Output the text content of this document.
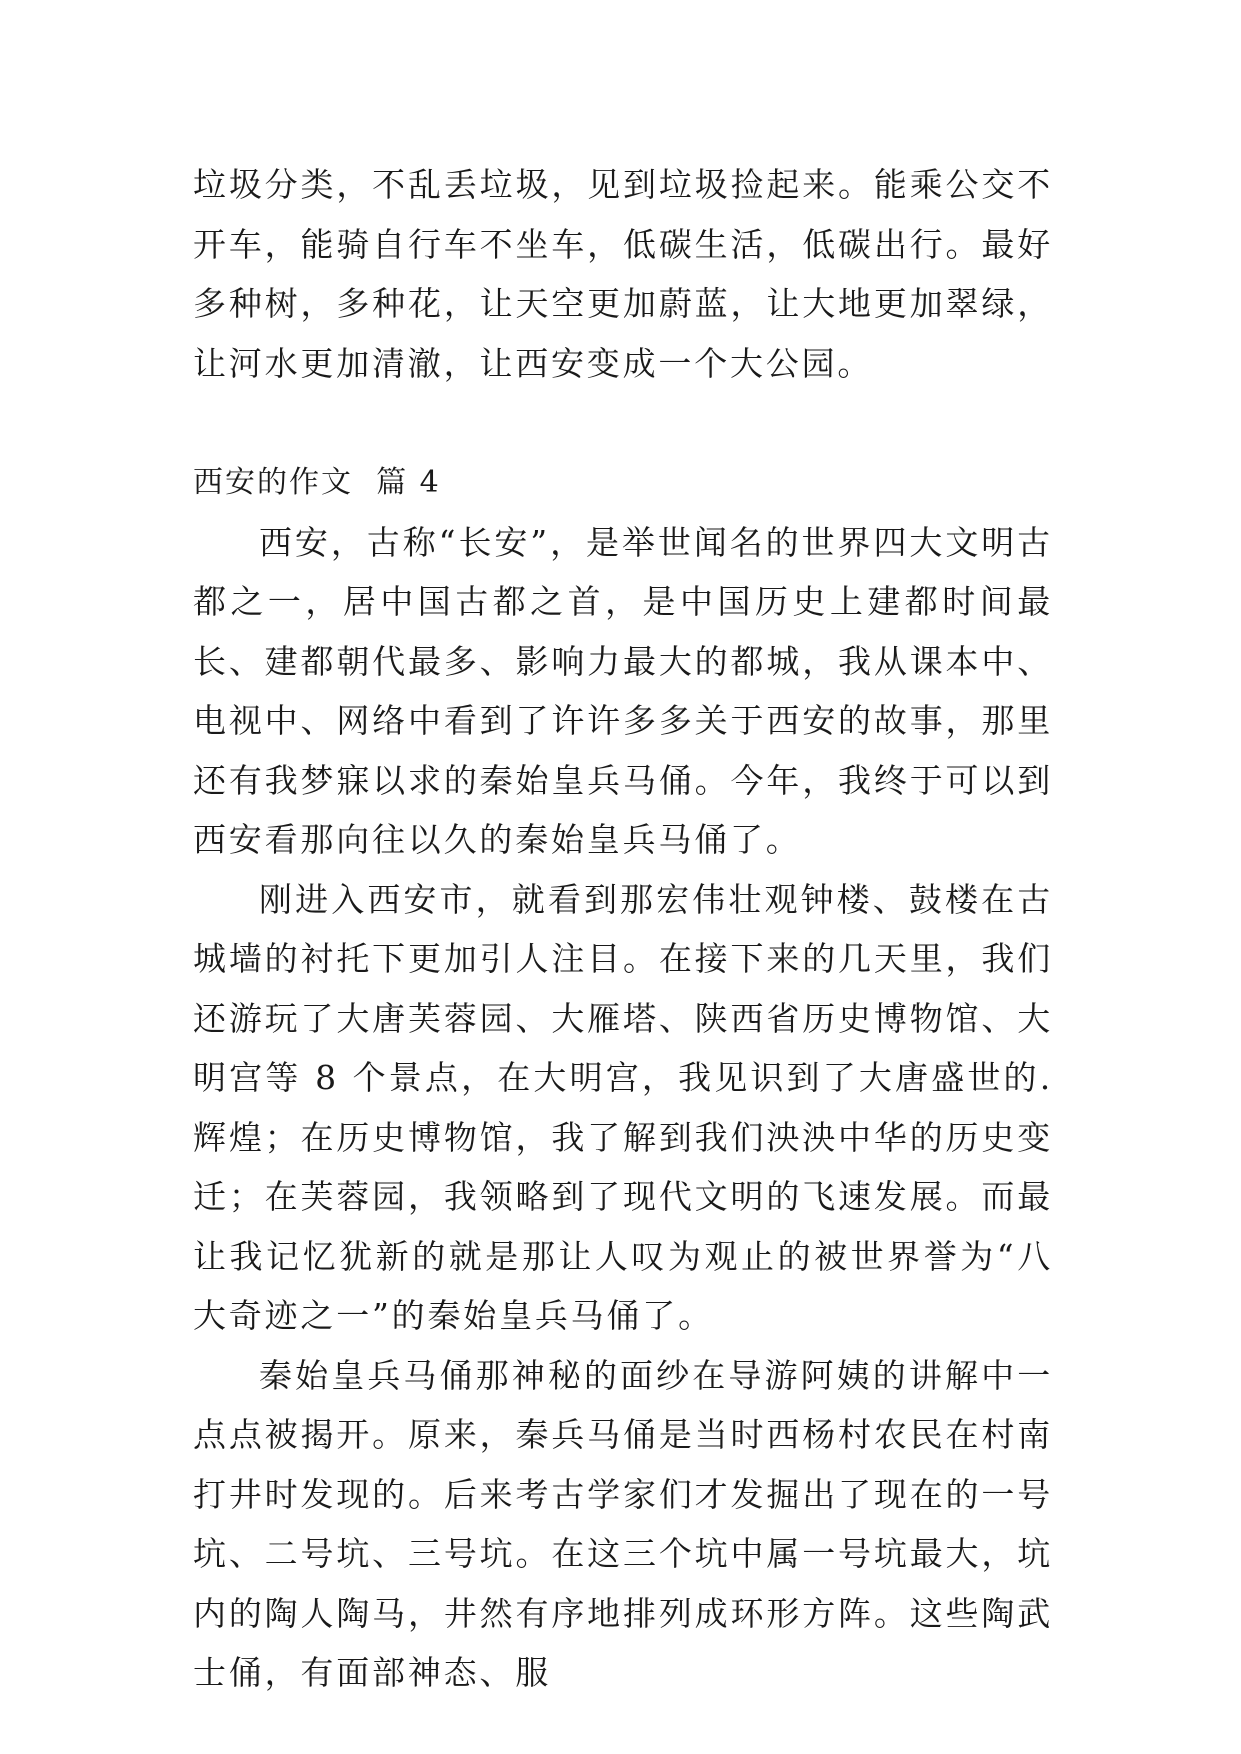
垃圾分类，不乱丢垃圾，见到垃圾捡起来。能乘公交不开车，能骑自行车不坐车，低碳生活，低碳出行。最好多种树，多种花，让天空更加蔚蓝，让大地更加翠绿，让河水更加清澈，让西安变成一个大公园。

西安的作文  篇 4

西安，古称“长安”，是举世闻名的世界四大文明古都之一，居中国古都之首，是中国历史上建都时间最长、建都朝代最多、影响力最大的都城，我从课本中、电视中、网络中看到了许许多多关于西安的故事，那里还有我梦寐以求的秦始皇兵马俑。今年，我终于可以到西安看那向往以久的秦始皇兵马俑了。

刚进入西安市，就看到那宏伟壮观钟楼、鼓楼在古城墙的衬托下更加引人注目。在接下来的几天里，我们还游玩了大唐芙蓉园、大雁塔、陕西省历史博物馆、大明宫等 8 个景点，在大明宫，我见识到了大唐盛世的.辉煌；在历史博物馆，我了解到我们泱泱中华的历史变迁；在芙蓉园，我领略到了现代文明的飞速发展。而最让我记忆犹新的就是那让人叹为观止的被世界誉为“八大奇迹之一”的秦始皇兵马俑了。

秦始皇兵马俑那神秘的面纱在导游阿姨的讲解中一点点被揭开。原来，秦兵马俑是当时西杨村农民在村南打井时发现的。后来考古学家们才发掘出了现在的一号坑、二号坑、三号坑。在这三个坑中属一号坑最大，坑内的陶人陶马，井然有序地排列成环形方阵。这些陶武士俑，有面部神态、服
